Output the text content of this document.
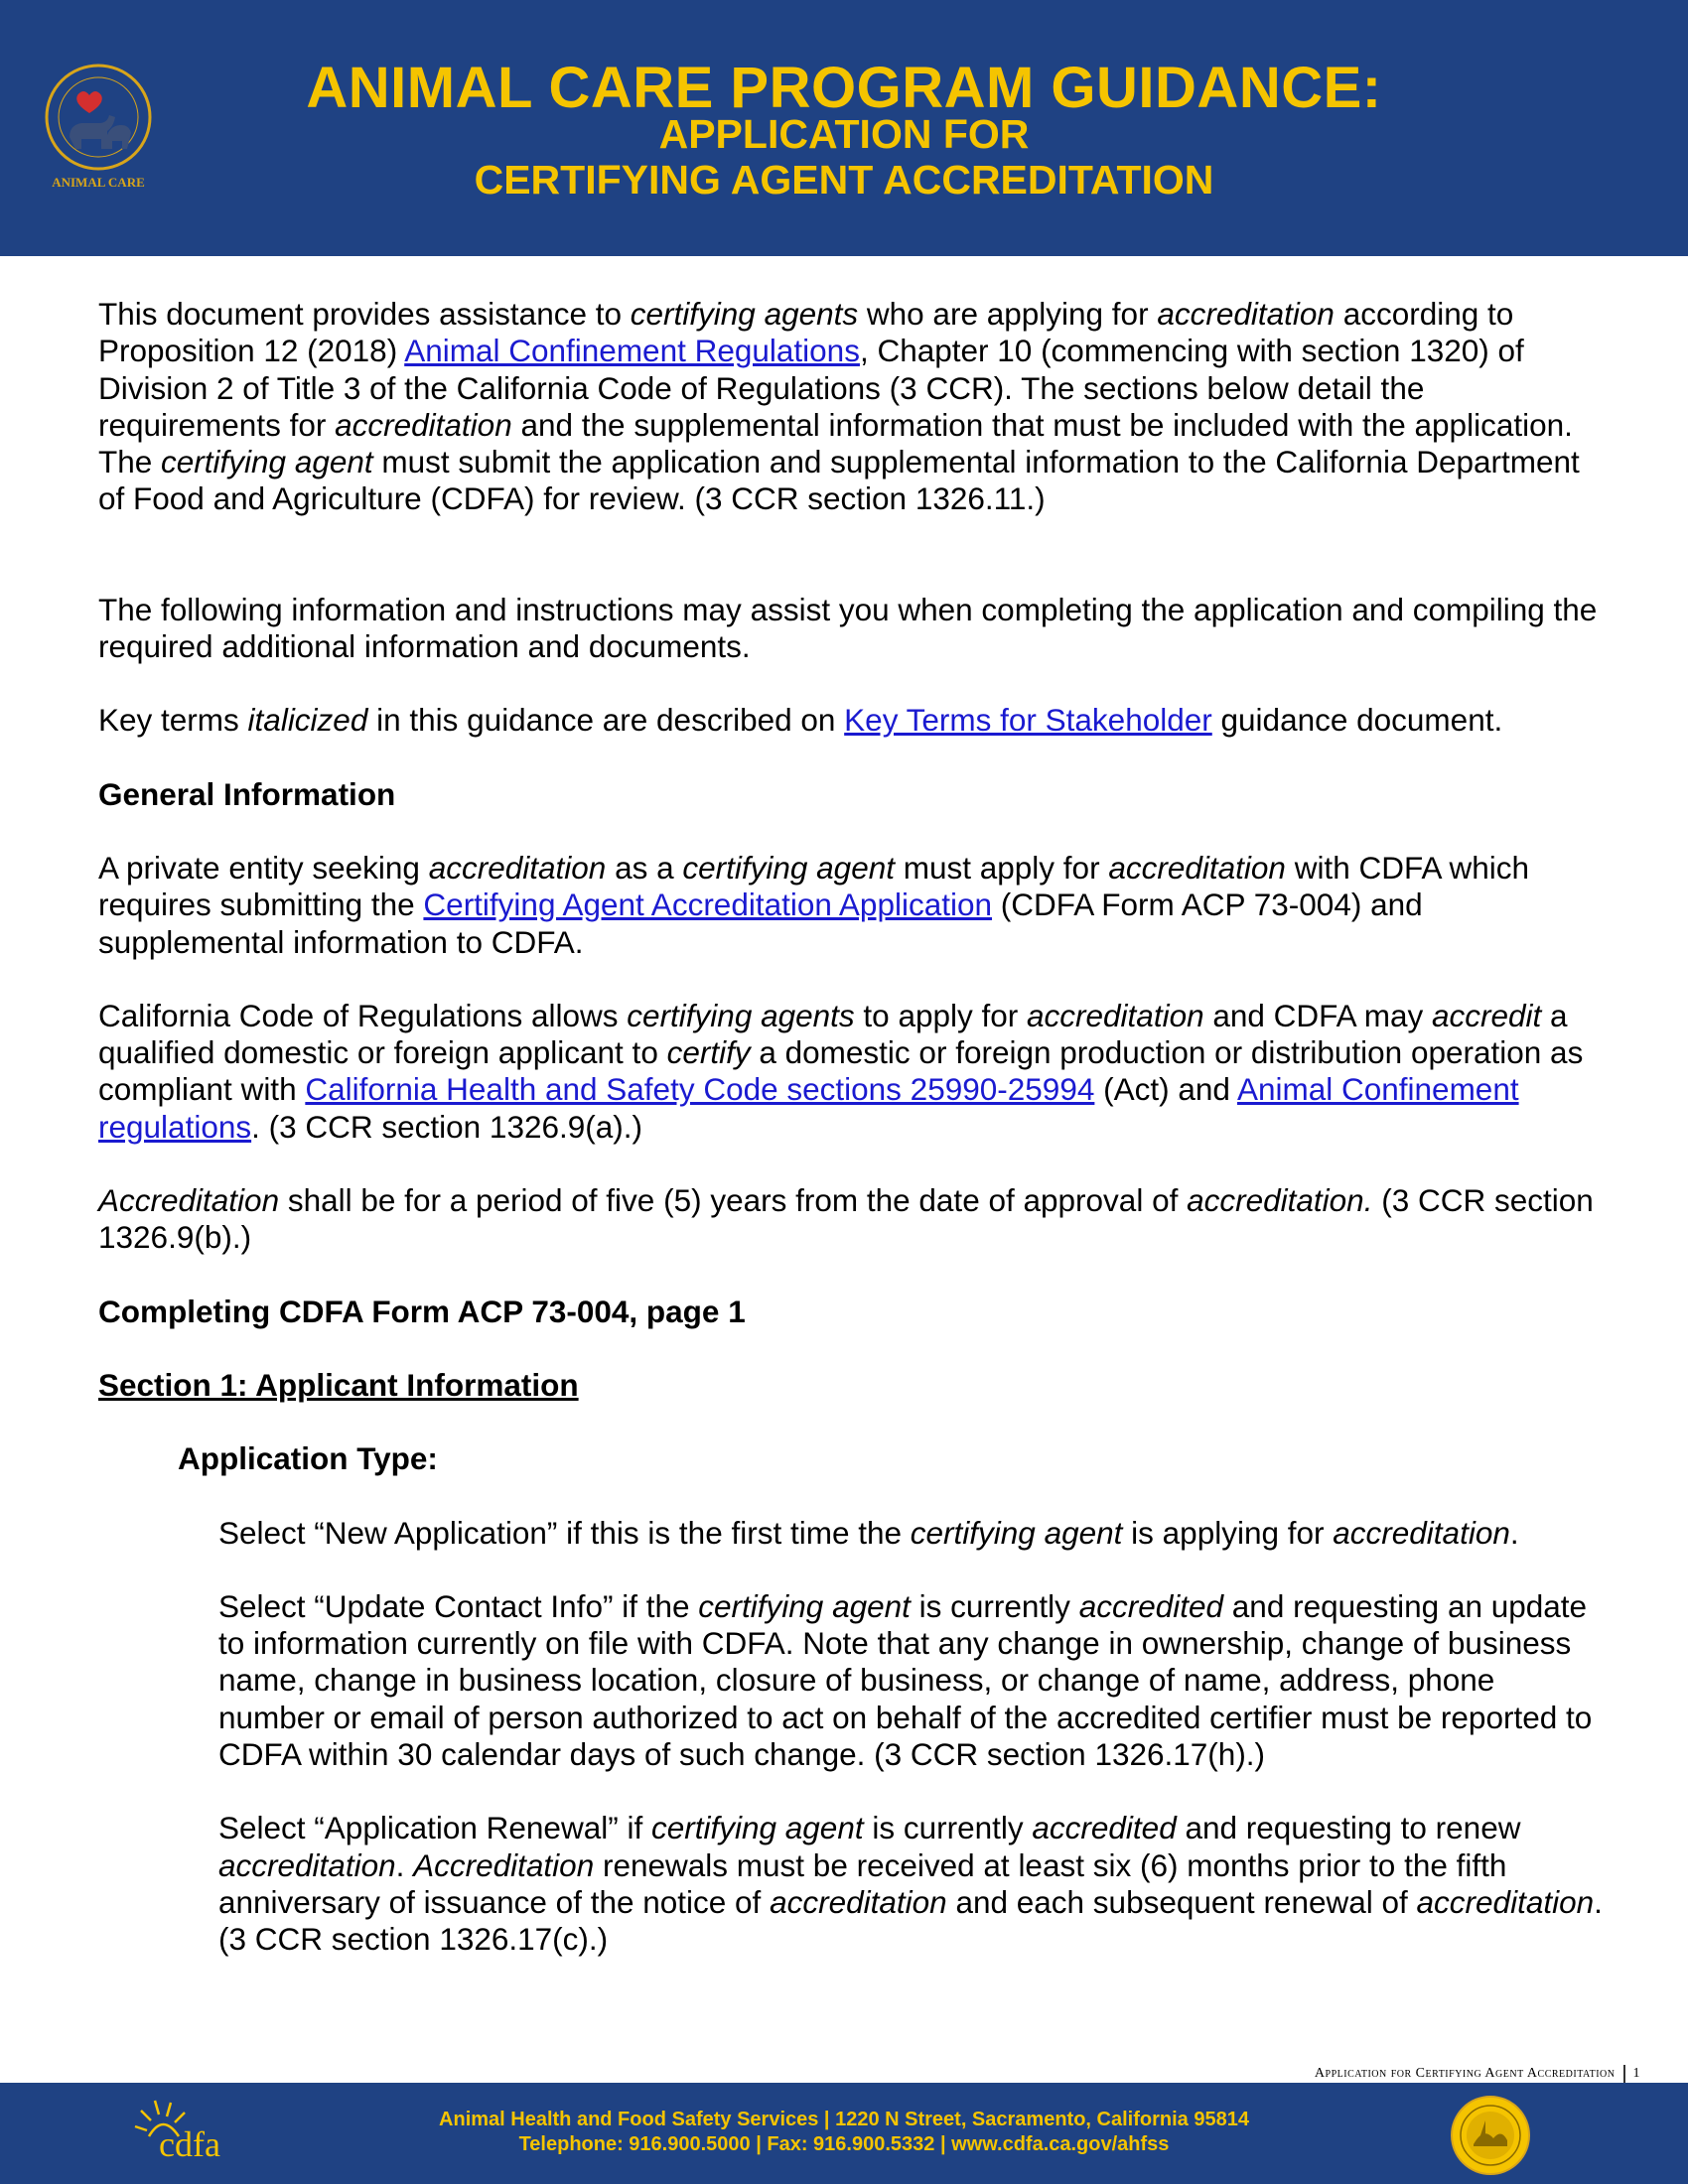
ANIMAL CARE
ANIMAL CARE PROGRAM GUIDANCE:
APPLICATION FOR
CERTIFYING AGENT ACCREDITATION

This document provides assistance to certifying agents who are applying for accreditation according to Proposition 12 (2018) Animal Confinement Regulations, Chapter 10 (commencing with section 1320) of Division 2 of Title 3 of the California Code of Regulations (3 CCR). The sections below detail the requirements for accreditation and the supplemental information that must be included with the application. The certifying agent must submit the application and supplemental information to the California Department of Food and Agriculture (CDFA) for review. (3 CCR section 1326.11.)

The following information and instructions may assist you when completing the application and compiling the required additional information and documents.

Key terms italicized in this guidance are described on Key Terms for Stakeholder guidance document.

General Information

A private entity seeking accreditation as a certifying agent must apply for accreditation with CDFA which requires submitting the Certifying Agent Accreditation Application (CDFA Form ACP 73-004) and supplemental information to CDFA.

California Code of Regulations allows certifying agents to apply for accreditation and CDFA may accredit a qualified domestic or foreign applicant to certify a domestic or foreign production or distribution operation as compliant with California Health and Safety Code sections 25990-25994 (Act) and Animal Confinement regulations. (3 CCR section 1326.9(a).)

Accreditation shall be for a period of five (5) years from the date of approval of accreditation. (3 CCR section 1326.9(b).)

Completing CDFA Form ACP 73-004, page 1

Section 1: Applicant Information

Application Type:

Select “New Application” if this is the first time the certifying agent is applying for accreditation.

Select “Update Contact Info” if the certifying agent is currently accredited and requesting an update to information currently on file with CDFA. Note that any change in ownership, change of business name, change in business location, closure of business, or change of name, address, phone number or email of person authorized to act on behalf of the accredited certifier must be reported to CDFA within 30 calendar days of such change. (3 CCR section 1326.17(h).)

Select “Application Renewal” if certifying agent is currently accredited and requesting to renew accreditation. Accreditation renewals must be received at least six (6) months prior to the fifth anniversary of issuance of the notice of accreditation and each subsequent renewal of accreditation. (3 CCR section 1326.17(c).)

Application for Certifying Agent Accreditation 1
cdfa
Animal Health and Food Safety Services | 1220 N Street, Sacramento, California 95814
Telephone: 916.900.5000 | Fax: 916.900.5332 | www.cdfa.ca.gov/ahfss
